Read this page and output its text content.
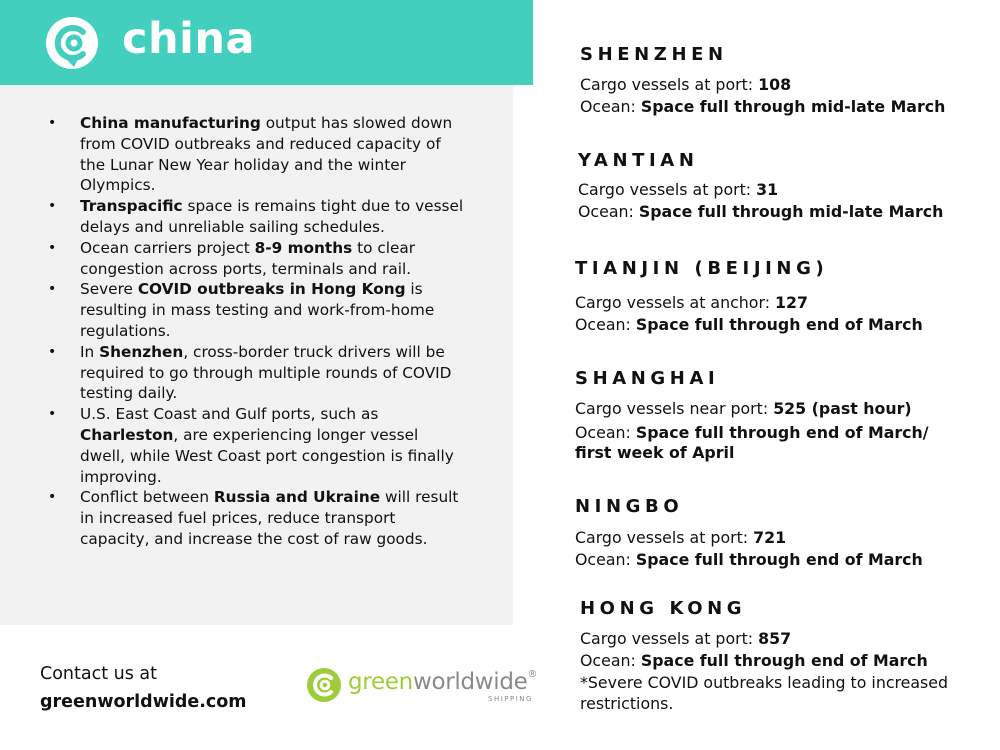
china
• China manufacturing output has slowed down from COVID outbreaks and reduced capacity of the Lunar New Year holiday and the winter Olympics.
• Transpacific space is remains tight due to vessel delays and unreliable sailing schedules.
• Ocean carriers project 8-9 months to clear congestion across ports, terminals and rail.
• Severe COVID outbreaks in Hong Kong is resulting in mass testing and work-from-home regulations.
• In Shenzhen, cross-border truck drivers will be required to go through multiple rounds of COVID testing daily.
• U.S. East Coast and Gulf ports, such as Charleston, are experiencing longer vessel dwell, while West Coast port congestion is finally improving.
• Conflict between Russia and Ukraine will result in increased fuel prices, reduce transport capacity, and increase the cost of raw goods.
Contact us at
greenworldwide.com
greenworldwide®
SHIPPING
SHENZHEN
Cargo vessels at port: 108
Ocean: Space full through mid-late March
YANTIAN
Cargo vessels at port: 31
Ocean: Space full through mid-late March
TIANJIN (BEIJING)
Cargo vessels at anchor: 127
Ocean: Space full through end of March
SHANGHAI
Cargo vessels near port: 525 (past hour)
Ocean: Space full through end of March/ first week of April
NINGBO
Cargo vessels at port: 721
Ocean: Space full through end of March
HONG KONG
Cargo vessels at port: 857
Ocean: Space full through end of March
*Severe COVID outbreaks leading to increased restrictions.
